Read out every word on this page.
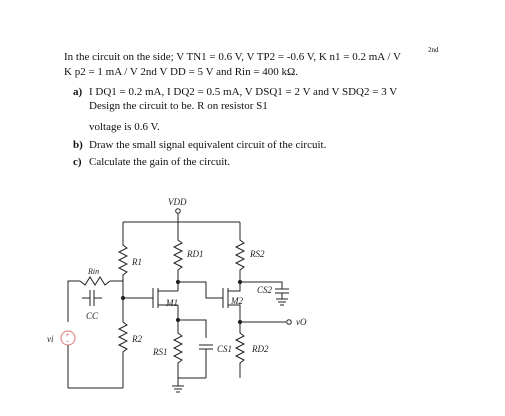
In the circuit on the side; V TN1 = 0.6 V, V TP2 = -0.6 V, K n1 = 0.2 mA / V
2nd
K p2 = 1 mA / V 2nd V DD = 5 V and Rin = 400 kΩ.
a) I DQ1 = 0.2 mA, I DQ2 = 0.5 mA, V DSQ1 = 2 V and V SDQ2 = 3 V
Design the circuit to be. R on resistor S1
voltage is 0.6 V.
b) Draw the small signal equivalent circuit of the circuit.
c) Calculate the gain of the circuit.
VDD
R1
R2
Rin
CC
+
−
vi
M1
RD1
RS1	CS1
RS2
CS2
M2
vO
RD2
